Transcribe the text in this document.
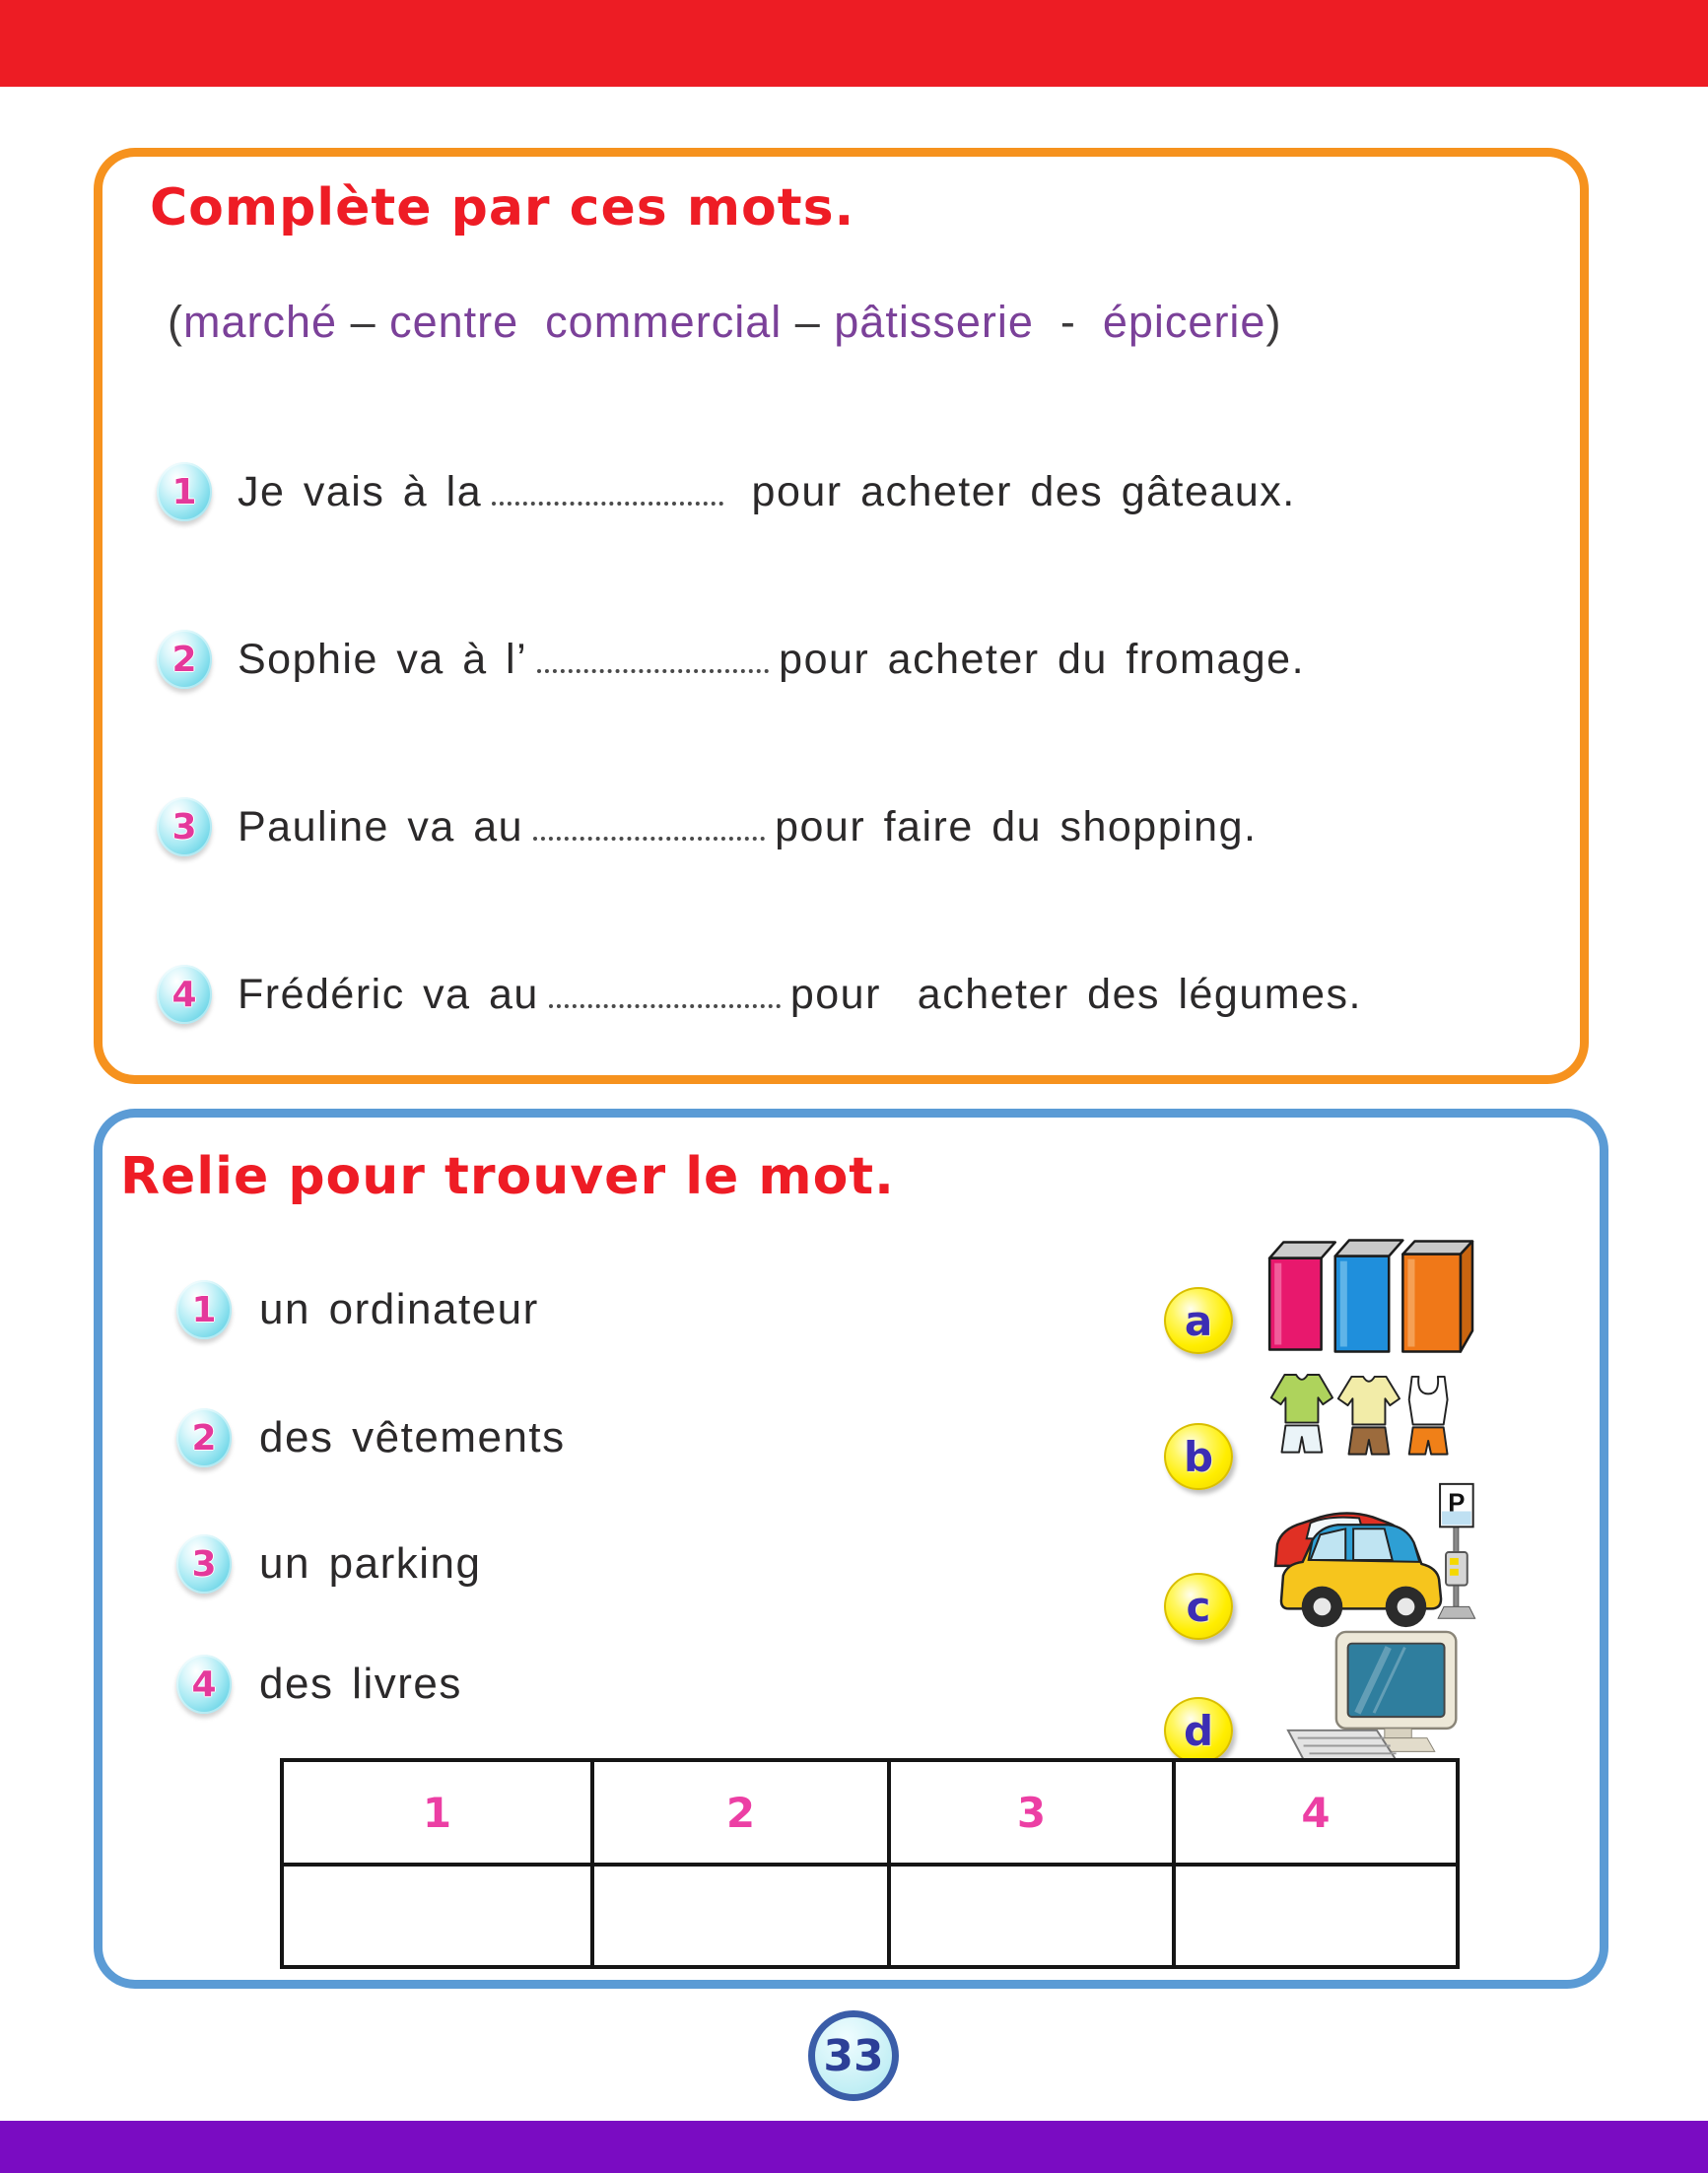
Complète par ces mots.

(marché – centre  commercial – pâtisserie  -  épicerie)

1 Je vais à la	pour acheter des gâteaux.
2 Sophie va à l’	pour acheter du fromage.
3 Pauline va au	pour faire du shopping.
4 Frédéric va au	pour  acheter des légumes.
Relie pour trouver le mot.
1 un ordinateur
2 des vêtements
3 un parking
4 des livres
a
b
c
d
P
1	2	3	4

33
